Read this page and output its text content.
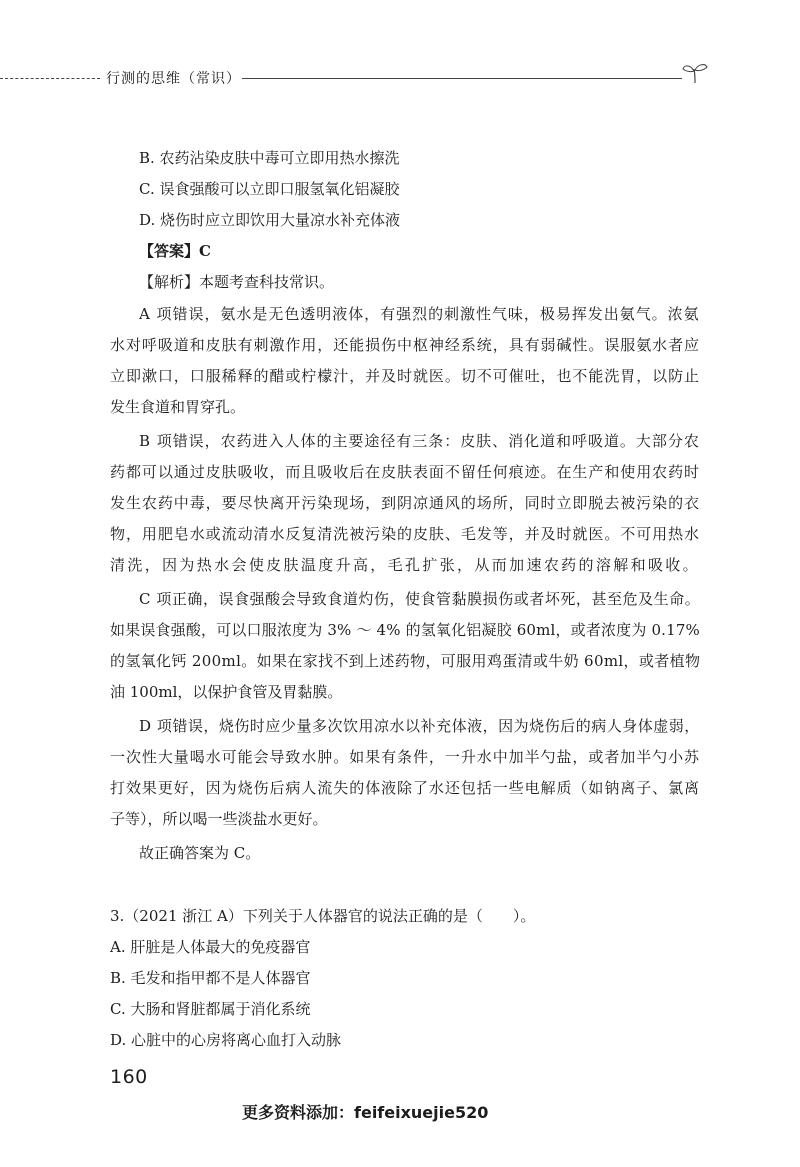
行测的思维（常识）
B. 农药沾染皮肤中毒可立即用热水擦洗
C. 误食强酸可以立即口服氢氧化铝凝胶
D. 烧伤时应立即饮用大量凉水补充体液
【答案】C
【解析】本题考查科技常识。
A 项错误，氨水是无色透明液体，有强烈的刺激性气味，极易挥发出氨气。浓氨
水对呼吸道和皮肤有刺激作用，还能损伤中枢神经系统，具有弱碱性。误服氨水者应
立即漱口，口服稀释的醋或柠檬汁，并及时就医。切不可催吐，也不能洗胃，以防止
发生食道和胃穿孔。
B 项错误，农药进入人体的主要途径有三条：皮肤、消化道和呼吸道。大部分农
药都可以通过皮肤吸收，而且吸收后在皮肤表面不留任何痕迹。在生产和使用农药时
发生农药中毒，要尽快离开污染现场，到阴凉通风的场所，同时立即脱去被污染的衣
物，用肥皂水或流动清水反复清洗被污染的皮肤、毛发等，并及时就医。不可用热水
清洗，因为热水会使皮肤温度升高，毛孔扩张，从而加速农药的溶解和吸收。
C 项正确，误食强酸会导致食道灼伤，使食管黏膜损伤或者坏死，甚至危及生命。
如果误食强酸，可以口服浓度为 3% ～ 4% 的氢氧化铝凝胶 60ml，或者浓度为 0.17%
的氢氧化钙 200ml。如果在家找不到上述药物，可服用鸡蛋清或牛奶 60ml，或者植物
油 100ml，以保护食管及胃黏膜。
D 项错误，烧伤时应少量多次饮用凉水以补充体液，因为烧伤后的病人身体虚弱，
一次性大量喝水可能会导致水肿。如果有条件，一升水中加半勺盐，或者加半勺小苏
打效果更好，因为烧伤后病人流失的体液除了水还包括一些电解质（如钠离子、氯离
子等），所以喝一些淡盐水更好。
故正确答案为 C。
3.（2021 浙江 A）下列关于人体器官的说法正确的是（　　）。
A. 肝脏是人体最大的免疫器官
B. 毛发和指甲都不是人体器官
C. 大肠和肾脏都属于消化系统
D. 心脏中的心房将离心血打入动脉
160
更多资料添加：feifeixuejie520
